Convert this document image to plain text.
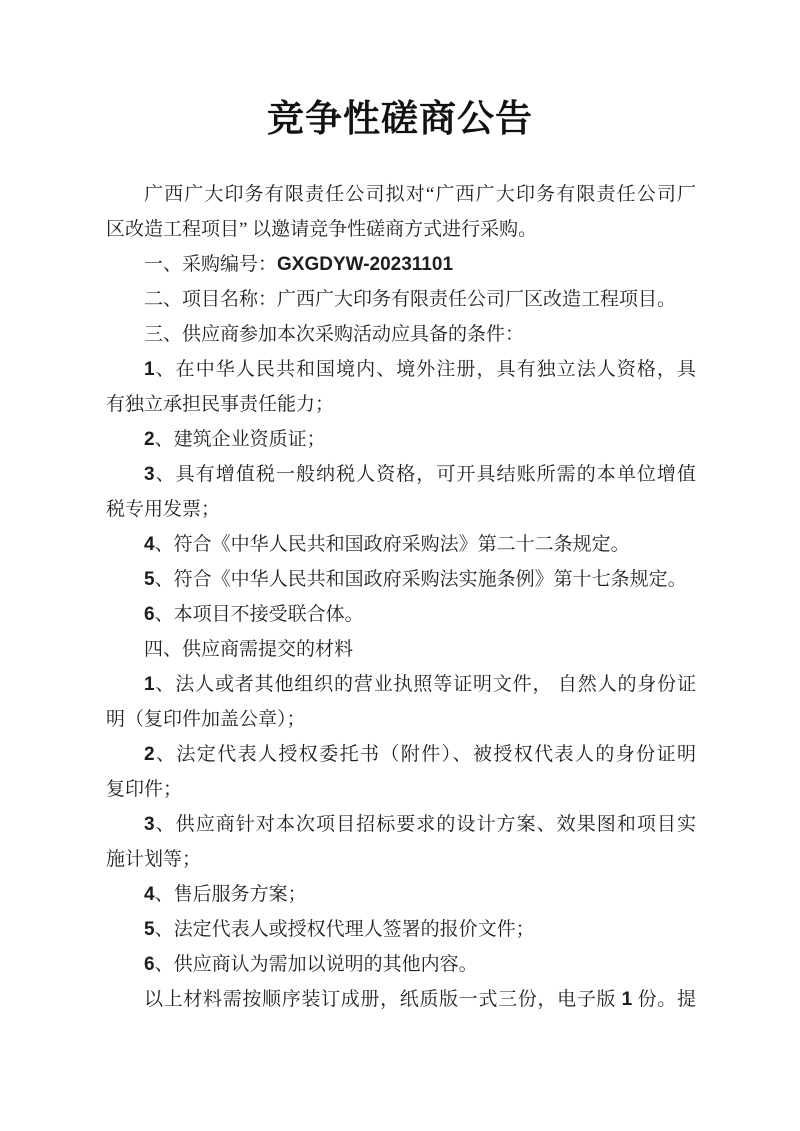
竞争性磋商公告
广西广大印务有限责任公司拟对“广西广大印务有限责任公司厂
区改造工程项目” 以邀请竞争性磋商方式进行采购。
一、采购编号：GXGDYW-20231101
二、项目名称：广西广大印务有限责任公司厂区改造工程项目。
三、供应商参加本次采购活动应具备的条件：
1、在中华人民共和国境内、境外注册，具有独立法人资格，具
有独立承担民事责任能力；
2、建筑企业资质证；
3、具有增值税一般纳税人资格，可开具结账所需的本单位增值
税专用发票；
4、符合《中华人民共和国政府采购法》第二十二条规定。
5、符合《中华人民共和国政府采购法实施条例》第十七条规定。
6、本项目不接受联合体。
四、供应商需提交的材料
1、法人或者其他组织的营业执照等证明文件， 自然人的身份证
明（复印件加盖公章）；
2、法定代表人授权委托书（附件）、被授权代表人的身份证明
复印件；
3、供应商针对本次项目招标要求的设计方案、效果图和项目实
施计划等；
4、售后服务方案；
5、法定代表人或授权代理人签署的报价文件；
6、供应商认为需加以说明的其他内容。
以上材料需按顺序装订成册，纸质版一式三份，电子版 1 份。提
